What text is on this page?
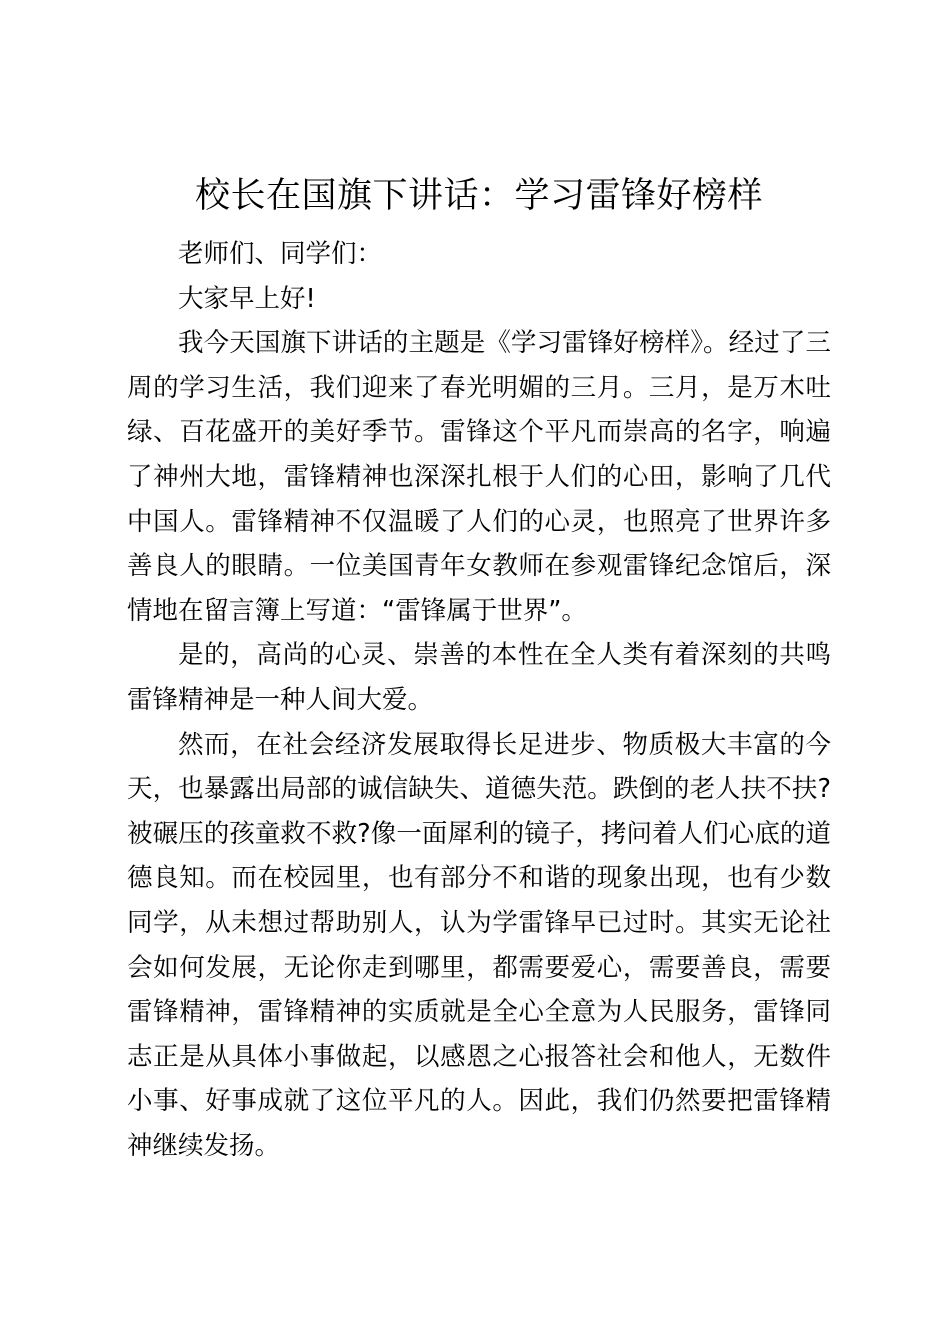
校长在国旗下讲话：学习雷锋好榜样

老师们、同学们：

大家早上好!

我今天国旗下讲话的主题是《学习雷锋好榜样》。经过了三周的学习生活，我们迎来了春光明媚的三月。三月，是万木吐绿、百花盛开的美好季节。雷锋这个平凡而崇高的名字，响遍了神州大地，雷锋精神也深深扎根于人们的心田，影响了几代中国人。雷锋精神不仅温暖了人们的心灵，也照亮了世界许多善良人的眼睛。一位美国青年女教师在参观雷锋纪念馆后，深情地在留言簿上写道：“雷锋属于世界”。

是的，高尚的心灵、崇善的本性在全人类有着深刻的共鸣雷锋精神是一种人间大爱。

然而，在社会经济发展取得长足进步、物质极大丰富的今天，也暴露出局部的诚信缺失、道德失范。跌倒的老人扶不扶?被碾压的孩童救不救?像一面犀利的镜子，拷问着人们心底的道德良知。而在校园里，也有部分不和谐的现象出现，也有少数同学，从未想过帮助别人，认为学雷锋早已过时。其实无论社会如何发展，无论你走到哪里，都需要爱心，需要善良，需要雷锋精神，雷锋精神的实质就是全心全意为人民服务，雷锋同志正是从具体小事做起，以感恩之心报答社会和他人，无数件小事、好事成就了这位平凡的人。因此，我们仍然要把雷锋精神继续发扬。
